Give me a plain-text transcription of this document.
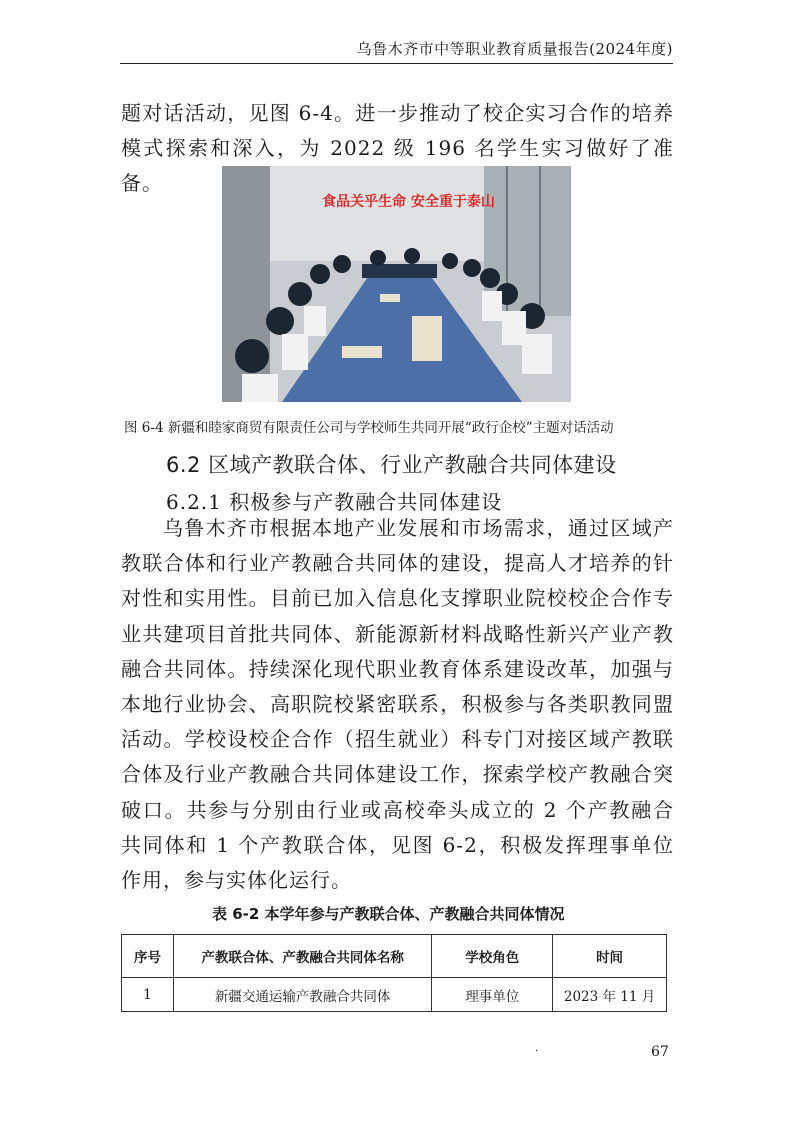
乌鲁木齐市中等职业教育质量报告(2024年度)
题对话活动，见图 6-4。进一步推动了校企实习合作的培养模式探索和深入，为 2022 级 196 名学生实习做好了准备。
食品关乎生命 安全重于泰山
图 6-4 新疆和睦家商贸有限责任公司与学校师生共同开展“政行企校”主题对话活动
6.2 区域产教联合体、行业产教融合共同体建设
6.2.1 积极参与产教融合共同体建设
乌鲁木齐市根据本地产业发展和市场需求，通过区域产教联合体和行业产教融合共同体的建设，提高人才培养的针对性和实用性。目前已加入信息化支撑职业院校校企合作专业共建项目首批共同体、新能源新材料战略性新兴产业产教融合共同体。持续深化现代职业教育体系建设改革，加强与本地行业协会、高职院校紧密联系，积极参与各类职教同盟活动。学校设校企合作（招生就业）科专门对接区域产教联合体及行业产教融合共同体建设工作，探索学校产教融合突破口。共参与分别由行业或高校牵头成立的 2 个产教融合共同体和 1 个产教联合体，见图 6-2，积极发挥理事单位作用，参与实体化运行。
表 6-2 本学年参与产教联合体、产教融合共同体情况
序号	产教联合体、产教融合共同体名称	学校角色	时间
1	新疆交通运输产教融合共同体	理事单位	2023 年 11 月
·	67
